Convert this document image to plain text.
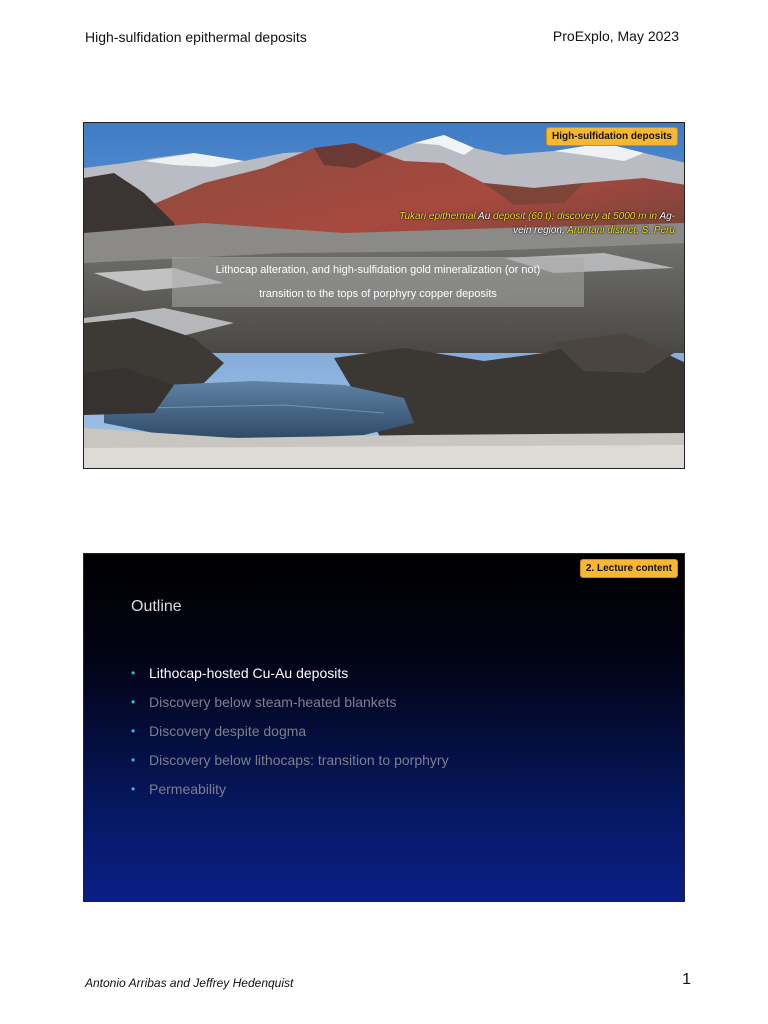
High-sulfidation epithermal deposits	ProExplo, May 2023
High-sulfidation deposits
Tukari epithermal Au deposit (60 t); discovery at 5000 m in Ag-vein region, Aruntani district, S. Peru
Lithocap alteration, and high-sulfidation gold mineralization (or not)
transition to the tops of porphyry copper deposits
2. Lecture content
Outline
• Lithocap-hosted Cu-Au deposits
• Discovery below steam-heated blankets
• Discovery despite dogma
• Discovery below lithocaps: transition to porphyry
• Permeability
Antonio Arribas and Jeffrey Hedenquist	1
